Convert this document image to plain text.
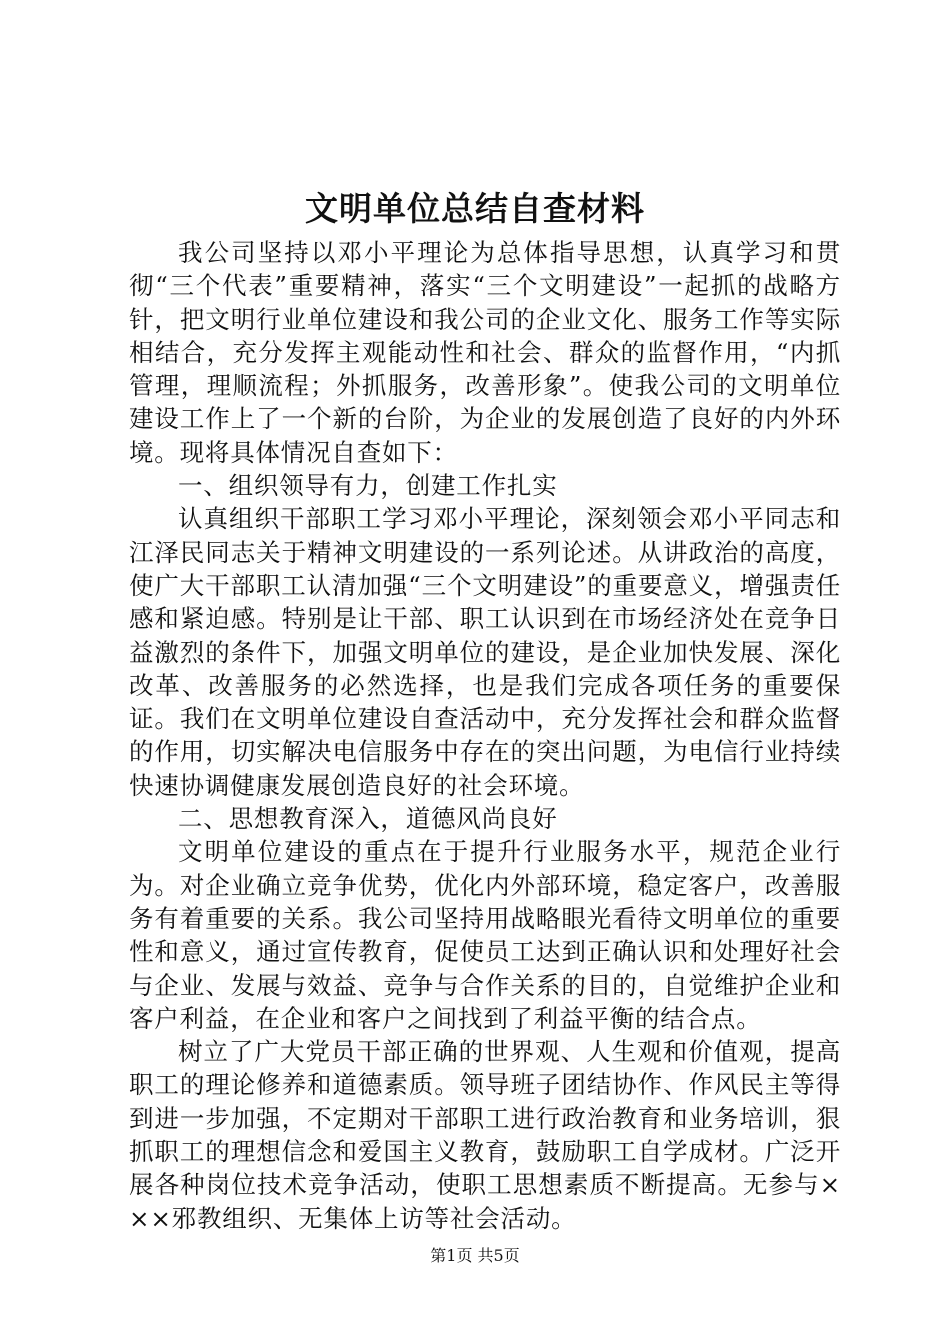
文明单位总结自查材料

我公司坚持以邓小平理论为总体指导思想，认真学习和贯彻“三个代表”重要精神，落实“三个文明建设”一起抓的战略方针，把文明行业单位建设和我公司的企业文化、服务工作等实际相结合，充分发挥主观能动性和社会、群众的监督作用，“内抓管理，理顺流程；外抓服务，改善形象”。使我公司的文明单位建设工作上了一个新的台阶，为企业的发展创造了良好的内外环境。现将具体情况自查如下：

一、组织领导有力，创建工作扎实

认真组织干部职工学习邓小平理论，深刻领会邓小平同志和江泽民同志关于精神文明建设的一系列论述。从讲政治的高度，使广大干部职工认清加强“三个文明建设”的重要意义，增强责任感和紧迫感。特别是让干部、职工认识到在市场经济处在竞争日益激烈的条件下，加强文明单位的建设，是企业加快发展、深化改革、改善服务的必然选择，也是我们完成各项任务的重要保证。我们在文明单位建设自查活动中，充分发挥社会和群众监督的作用，切实解决电信服务中存在的突出问题，为电信行业持续快速协调健康发展创造良好的社会环境。

二、思想教育深入，道德风尚良好

文明单位建设的重点在于提升行业服务水平，规范企业行为。对企业确立竞争优势，优化内外部环境，稳定客户，改善服务有着重要的关系。我公司坚持用战略眼光看待文明单位的重要性和意义，通过宣传教育，促使员工达到正确认识和处理好社会与企业、发展与效益、竞争与合作关系的目的，自觉维护企业和客户利益，在企业和客户之间找到了利益平衡的结合点。

树立了广大党员干部正确的世界观、人生观和价值观，提高职工的理论修养和道德素质。领导班子团结协作、作风民主等得到进一步加强，不定期对干部职工进行政治教育和业务培训，狠抓职工的理想信念和爱国主义教育，鼓励职工自学成材。广泛开展各种岗位技术竞争活动，使职工思想素质不断提高。无参与×××邪教组织、无集体上访等社会活动。

第1页 共5页
